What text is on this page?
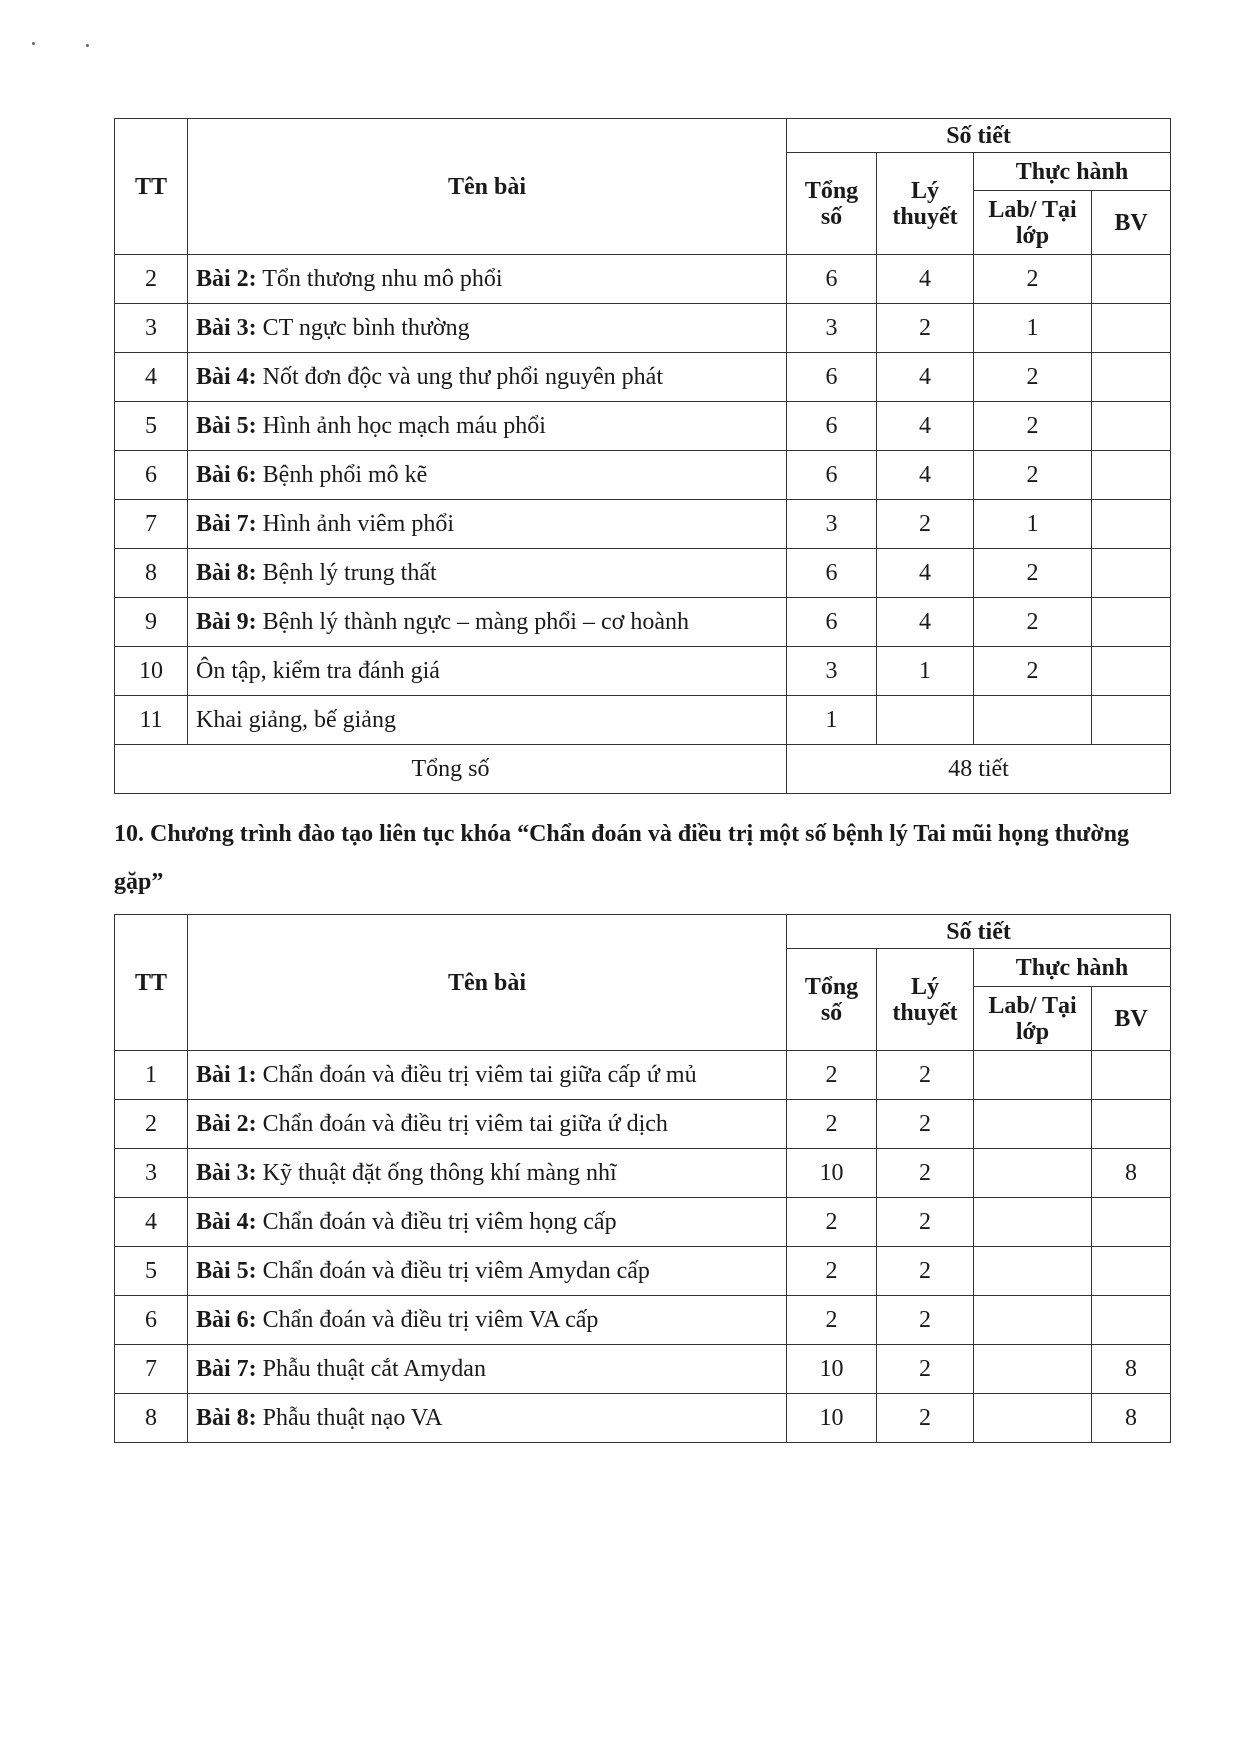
TT	Tên bài	Số tiết			
		Tổng số	Lý thuyết	Thực hành	
				Lab/ Tại lớp	BV
2	Bài 2: Tổn thương nhu mô phổi	6	4	2	
3	Bài 3: CT ngực bình thường	3	2	1	
4	Bài 4: Nốt đơn độc và ung thư phổi nguyên phát	6	4	2	
5	Bài 5: Hình ảnh học mạch máu phổi	6	4	2	
6	Bài 6: Bệnh phổi mô kẽ	6	4	2	
7	Bài 7: Hình ảnh viêm phổi	3	2	1	
8	Bài 8: Bệnh lý trung thất	6	4	2	
9	Bài 9: Bệnh lý thành ngực – màng phổi – cơ hoành	6	4	2	
10	Ôn tập, kiểm tra đánh giá	3	1	2	
11	Khai giảng, bế giảng	1			
Tổng số		48 tiết			

10. Chương trình đào tạo liên tục khóa “Chẩn đoán và điều trị một số bệnh lý Tai mũi họng thường gặp”

TT	Tên bài	Số tiết			
		Tổng số	Lý thuyết	Thực hành	
				Lab/ Tại lớp	BV
1	Bài 1: Chẩn đoán và điều trị viêm tai giữa cấp ứ mủ	2	2		
2	Bài 2: Chẩn đoán và điều trị viêm tai giữa ứ dịch	2	2		
3	Bài 3: Kỹ thuật đặt ống thông khí màng nhĩ	10	2		8
4	Bài 4: Chẩn đoán và điều trị viêm họng cấp	2	2		
5	Bài 5: Chẩn đoán và điều trị viêm Amydan cấp	2	2		
6	Bài 6: Chẩn đoán và điều trị viêm VA cấp	2	2		
7	Bài 7: Phẫu thuật cắt Amydan	10	2		8
8	Bài 8: Phẫu thuật nạo VA	10	2		8
